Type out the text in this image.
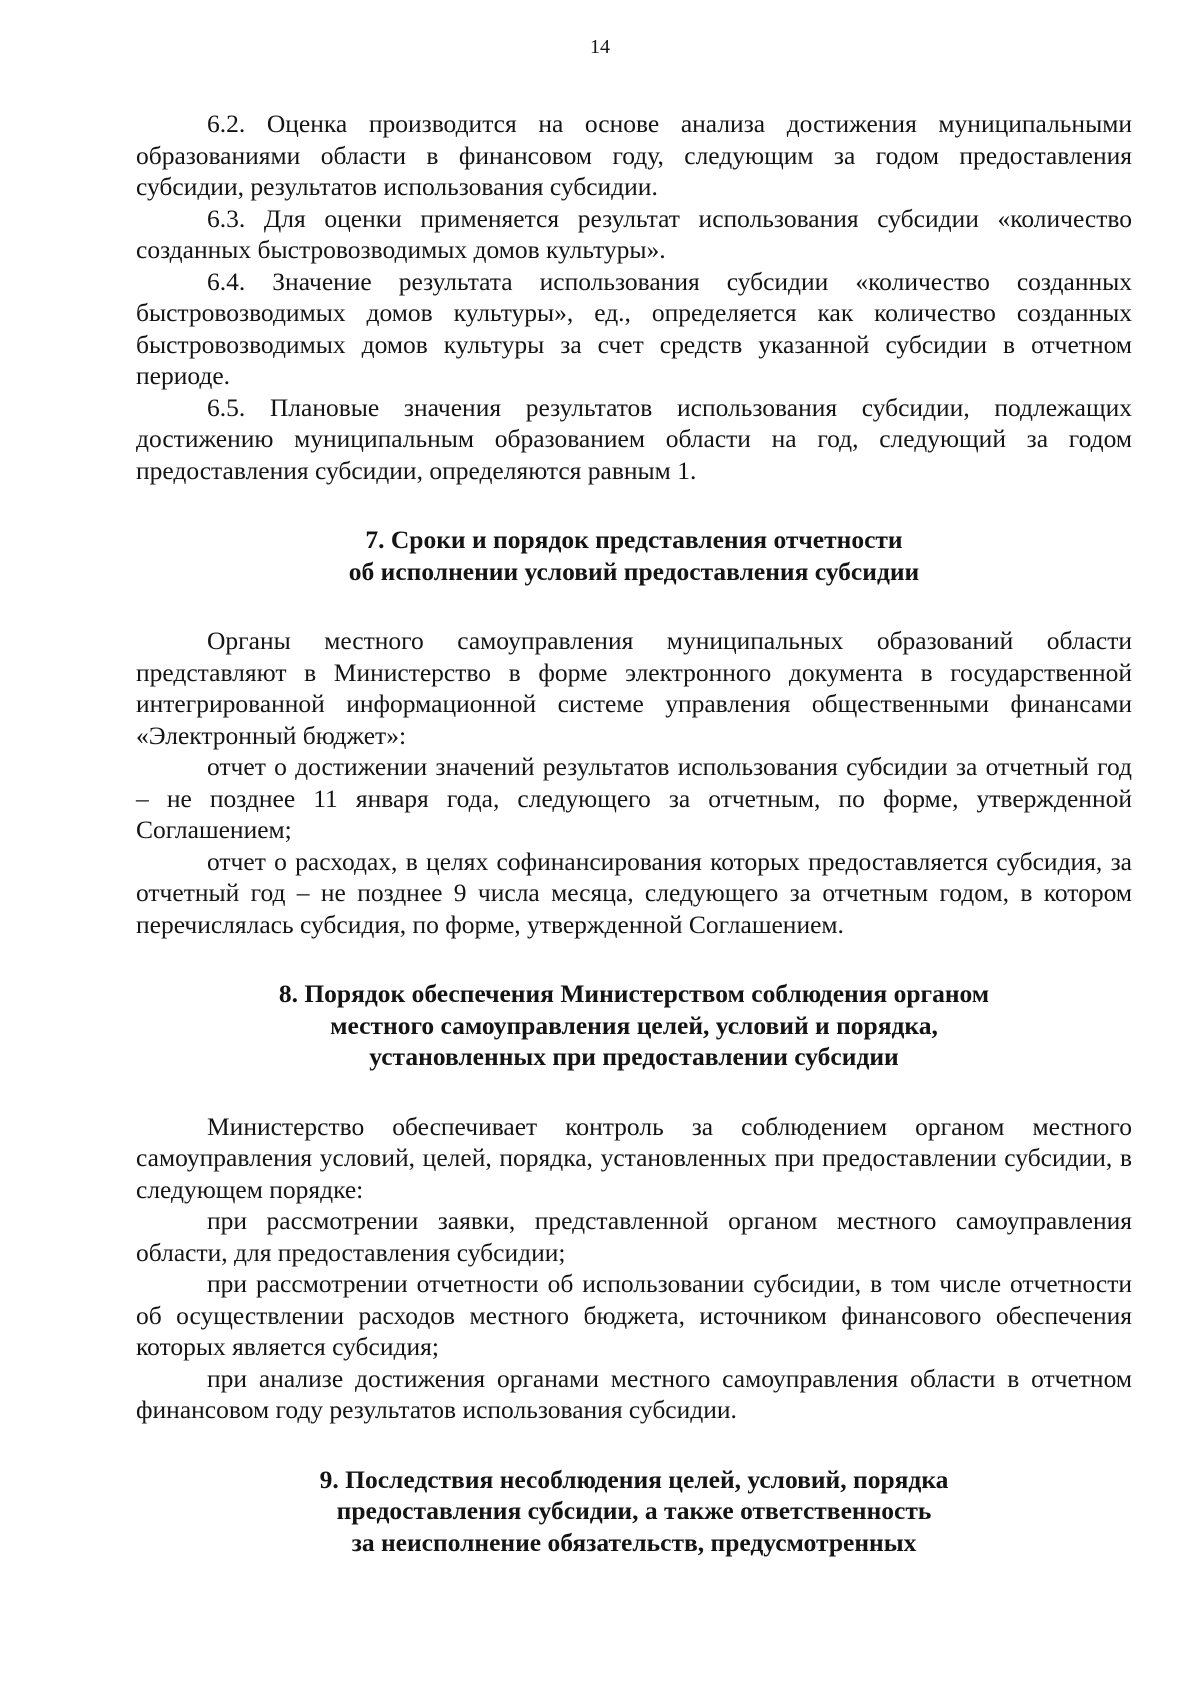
14

6.2. Оценка производится на основе анализа достижения муниципальными образованиями области в финансовом году, следующим за годом предоставления субсидии, результатов использования субсидии.

6.3. Для оценки применяется результат использования субсидии «количество созданных быстровозводимых домов культуры».

6.4. Значение результата использования субсидии «количество созданных быстровозводимых домов культуры», ед., определяется как количество созданных быстровозводимых домов культуры за счет средств указанной субсидии в отчетном периоде.

6.5. Плановые значения результатов использования субсидии, подлежащих достижению муниципальным образованием области на год, следующий за годом предоставления субсидии, определяются равным 1.

7. Сроки и порядок представления отчетности
об исполнении условий предоставления субсидии

Органы местного самоуправления муниципальных образований области представляют в Министерство в форме электронного документа в государственной интегрированной информационной системе управления общественными финансами «Электронный бюджет»:

отчет о достижении значений результатов использования субсидии за отчетный год – не позднее 11 января года, следующего за отчетным, по форме, утвержденной Соглашением;

отчет о расходах, в целях софинансирования которых предоставляется субсидия, за отчетный год – не позднее 9 числа месяца, следующего за отчетным годом, в котором перечислялась субсидия, по форме, утвержденной Соглашением.

8. Порядок обеспечения Министерством соблюдения органом
местного самоуправления целей, условий и порядка,
установленных при предоставлении субсидии

Министерство обеспечивает контроль за соблюдением органом местного самоуправления условий, целей, порядка, установленных при предоставлении субсидии, в следующем порядке:

при рассмотрении заявки, представленной органом местного самоуправления области, для предоставления субсидии;

при рассмотрении отчетности об использовании субсидии, в том числе отчетности об осуществлении расходов местного бюджета, источником финансового обеспечения которых является субсидия;

при анализе достижения органами местного самоуправления области в отчетном финансовом году результатов использования субсидии.

9. Последствия несоблюдения целей, условий, порядка
предоставления субсидии, а также ответственность
за неисполнение обязательств, предусмотренных
